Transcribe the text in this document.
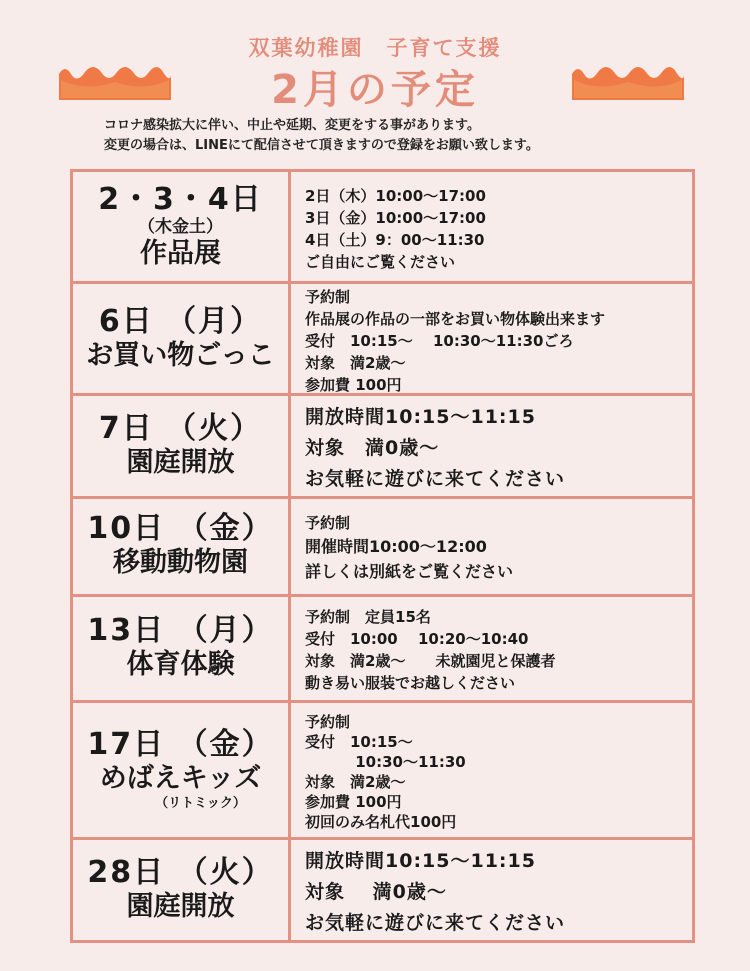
双葉幼稚園　子育て支援
2月の予定
コロナ感染拡大に伴い、中止や延期、変更をする事があります。
変更の場合は、LINEにて配信させて頂きますので登録をお願い致します。
2・3・4日
（木金土）
作品展
2日（木）10:00〜17:00
3日（金）10:00〜17:00
4日（土）9：00〜11:30
ご自由にご覧ください
6日 （月）
お買い物ごっこ
予約制
作品展の作品の一部をお買い物体験出来ます
受付　10:15〜　 10:30〜11:30ごろ
対象　満2歳〜
参加費 100円
7日 （火）
園庭開放
開放時間10:15〜11:15
対象　満0歳〜
お気軽に遊びに来てください
10日 （金）
移動動物園
予約制
開催時間10:00〜12:00
詳しくは別紙をご覧ください
13日 （月）
体育体験
予約制　定員15名
受付　10:00　 10:20〜10:40
対象　満2歳〜　　未就園児と保護者
動き易い服装でお越しください
17日 （金）
めばえキッズ
（リトミック）
予約制
受付　10:15〜
　　　 10:30〜11:30
対象　満2歳〜
参加費 100円
初回のみ名札代100円
28日 （火）
園庭開放
開放時間10:15〜11:15
対象　 満0歳〜
お気軽に遊びに来てください
